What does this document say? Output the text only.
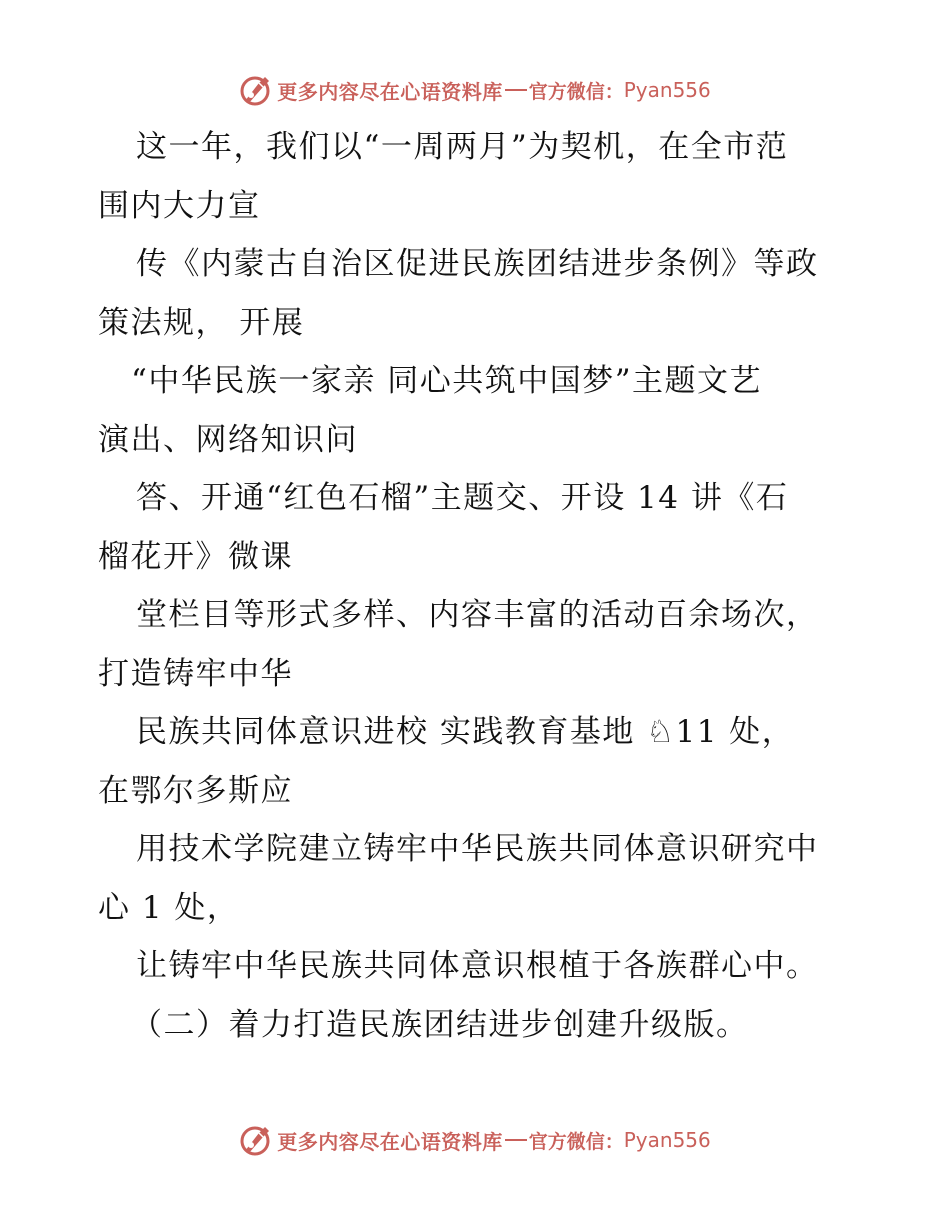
更多内容尽在心语资料库 官方微信： Pyan556
这一年，我们以“一周两月”为契机，在全市范
围内大力宣
传《内蒙古自治区促进民族团结进步条例》等政
策法规， 开展
“中华民族一家亲 同心共筑中国梦”主题文艺
演出、网络知识问
答、开通“红色石榴”主题交、开设 14 讲《石
榴花开》微课
堂栏目等形式多样、内容丰富的活动百余场次，
打造铸牢中华
民族共同体意识进校 实践教育基地 ♘11 处，
在鄂尔多斯应
用技术学院建立铸牢中华民族共同体意识研究中
心 1 处，
让铸牢中华民族共同体意识根植于各族群心中。
（二）着力打造民族团结进步创建升级版。
更多内容尽在心语资料库 官方微信： Pyan556
